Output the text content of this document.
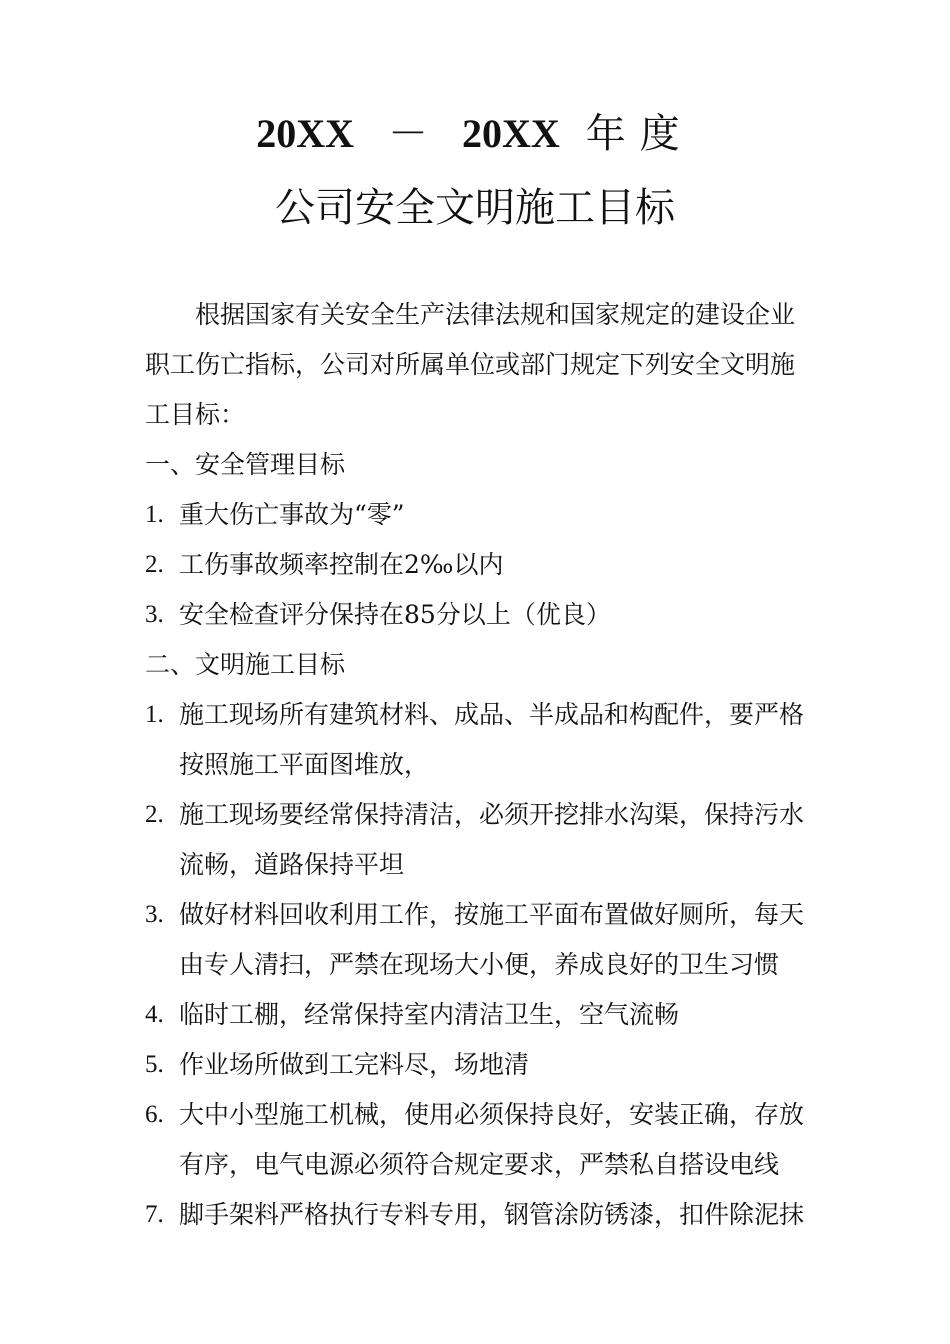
20XX － 20XX 年度
公司安全文明施工目标

根据国家有关安全生产法律法规和国家规定的建设企业职工伤亡指标，公司对所属单位或部门规定下列安全文明施工目标：

一、安全管理目标

1. 重大伤亡事故为“零”
2. 工伤事故频率控制在2‰以内
3. 安全检查评分保持在85分以上（优良）

二、文明施工目标

1. 施工现场所有建筑材料、成品、半成品和构配件，要严格按照施工平面图堆放，
2. 施工现场要经常保持清洁，必须开挖排水沟渠，保持污水流畅，道路保持平坦
3. 做好材料回收利用工作，按施工平面布置做好厕所，每天由专人清扫，严禁在现场大小便，养成良好的卫生习惯
4. 临时工棚，经常保持室内清洁卫生，空气流畅
5. 作业场所做到工完料尽，场地清
6. 大中小型施工机械，使用必须保持良好，安装正确，存放有序，电气电源必须符合规定要求，严禁私自搭设电线
7. 脚手架料严格执行专料专用，钢管涂防锈漆，扣件除泥抹
